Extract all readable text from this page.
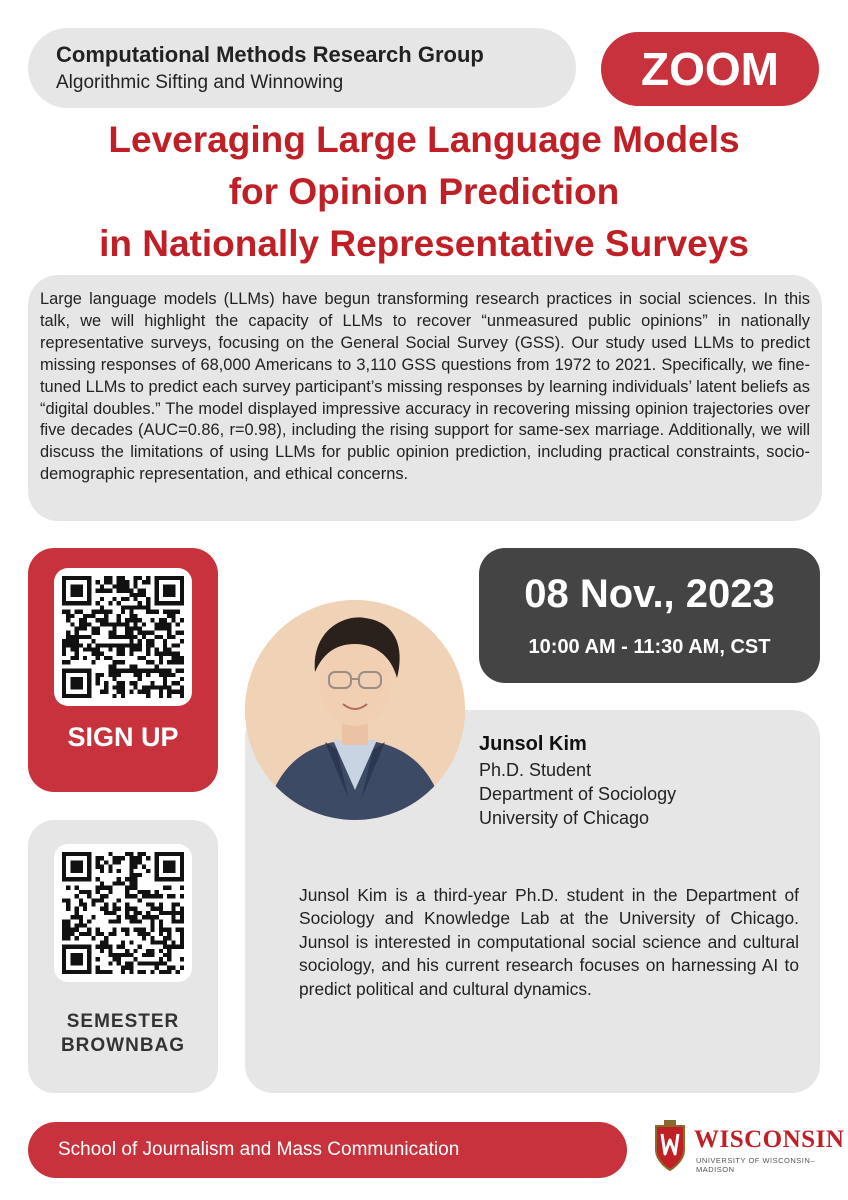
Computational Methods Research Group
Algorithmic Sifting and Winnowing	ZOOM
Leveraging Large Language Models
for Opinion Prediction
in Nationally Representative Surveys

Large language models (LLMs) have begun transforming research practices in social sciences. In this talk, we will highlight the capacity of LLMs to recover “unmeasured public opinions” in nationally representative surveys, focusing on the General Social Survey (GSS). Our study used LLMs to predict missing responses of 68,000 Americans to 3,110 GSS questions from 1972 to 2021. Specifically, we fine-tuned LLMs to predict each survey participant’s missing responses by learning individuals’ latent beliefs as “digital doubles.” The model displayed impressive accuracy in recovering missing opinion trajectories over five decades (AUC=0.86, r=0.98), including the rising support for same-sex marriage. Additionally, we will discuss the limitations of using LLMs for public opinion prediction, including practical constraints, socio-demographic representation, and ethical concerns.

SIGN UP
SEMESTER
BROWNBAG
08 Nov., 2023
10:00 AM - 11:30 AM, CST
Junsol Kim
Ph.D. Student
Department of Sociology
University of Chicago
Junsol Kim is a third-year Ph.D. student in the Department of Sociology and Knowledge Lab at the University of Chicago. Junsol is interested in computational social science and cultural sociology, and his current research focuses on harnessing AI to predict political and cultural dynamics.
School of Journalism and Mass Communication	WISCONSIN
UNIVERSITY OF WISCONSIN–MADISON
